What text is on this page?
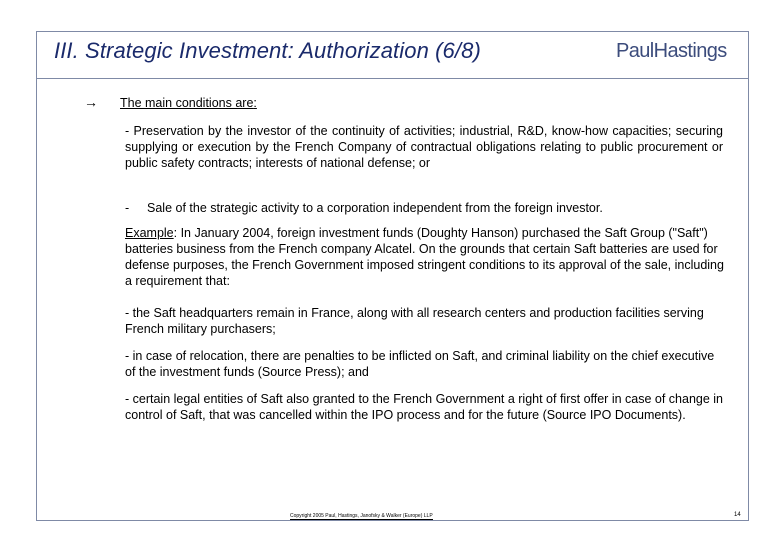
III. Strategic Investment: Authorization (6/8)	PaulHastings
→ The main conditions are:
- Preservation by the investor of the continuity of activities; industrial, R&D, know-how capacities; securing supplying or execution by the French Company of contractual obligations relating to public procurement or public safety contracts; interests of national defense; or
- Sale of the strategic activity to a corporation independent from the foreign investor.
Example: In January 2004, foreign investment funds (Doughty Hanson) purchased the Saft Group ("Saft") batteries business from the French company Alcatel. On the grounds that certain Saft batteries are used for defense purposes, the French Government imposed stringent conditions to its approval of the sale, including a requirement that:
- the Saft headquarters remain in France, along with all research centers and production facilities serving French military purchasers;
- in case of relocation, there are penalties to be inflicted on Saft, and criminal liability on the chief executive of the investment funds (Source Press); and
- certain legal entities of Saft also granted to the French Government a right of first offer in case of change in control of Saft, that was cancelled within the IPO process and for the future (Source IPO Documents).
Copyright 2005 Paul, Hastings, Janofsky & Walker (Europe) LLP	14
